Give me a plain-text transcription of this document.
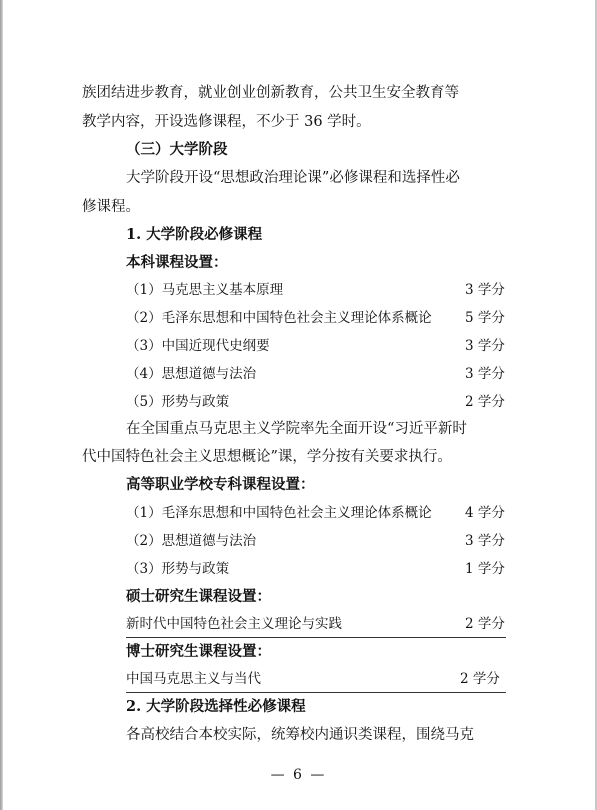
族团结进步教育，就业创业创新教育，公共卫生安全教育等
教学内容，开设选修课程，不少于 36 学时。
（三）大学阶段
大学阶段开设“思想政治理论课”必修课程和选择性必
修课程。
1. 大学阶段必修课程
本科课程设置：
（1）马克思主义基本原理	3 学分
（2）毛泽东思想和中国特色社会主义理论体系概论 5 学分
（3）中国近现代史纲要	3 学分
（4）思想道德与法治	3 学分
（5）形势与政策	2 学分
在全国重点马克思主义学院率先全面开设“习近平新时
代中国特色社会主义思想概论”课，学分按有关要求执行。
高等职业学校专科课程设置：
（1）毛泽东思想和中国特色社会主义理论体系概论 4 学分
（2）思想道德与法治	3 学分
（3）形势与政策	1 学分
硕士研究生课程设置：
新时代中国特色社会主义理论与实践	2 学分
博士研究生课程设置：
中国马克思主义与当代	2 学分
2. 大学阶段选择性必修课程
各高校结合本校实际，统筹校内通识类课程，围绕马克
— 6 —
